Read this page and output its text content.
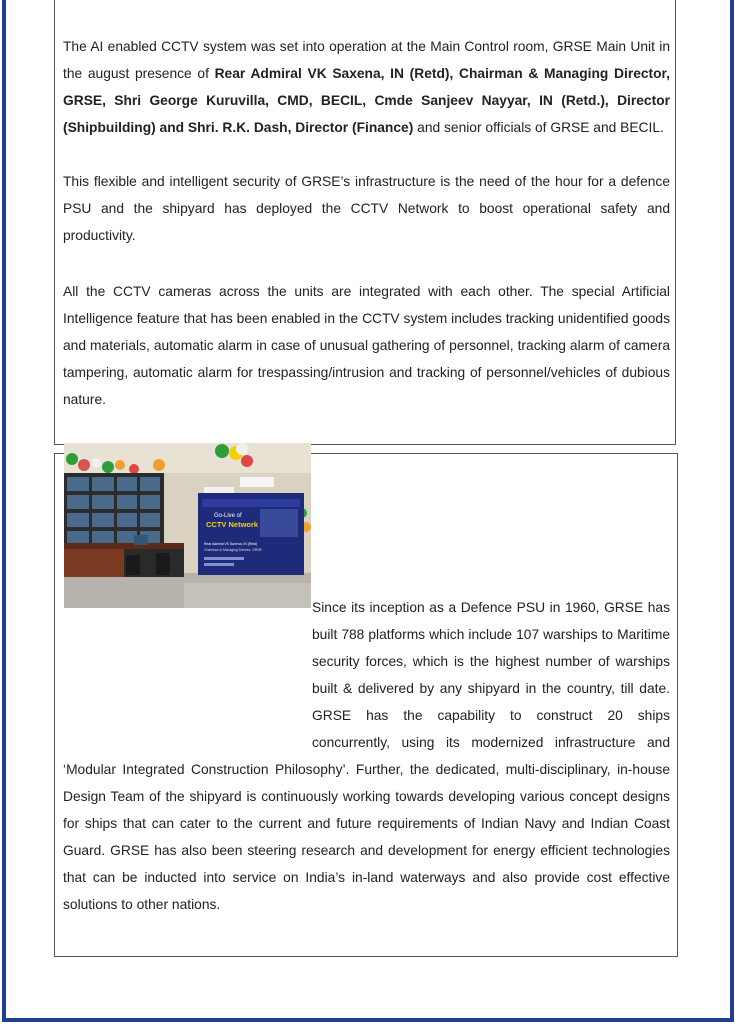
The AI enabled CCTV system was set into operation at the Main Control room, GRSE Main Unit in the august presence of Rear Admiral VK Saxena, IN (Retd), Chairman & Managing Director, GRSE, Shri George Kuruvilla, CMD, BECIL, Cmde Sanjeev Nayyar, IN (Retd.), Director (Shipbuilding) and Shri. R.K. Dash, Director (Finance) and senior officials of GRSE and BECIL.
This flexible and intelligent security of GRSE’s infrastructure is the need of the hour for a defence PSU and the shipyard has deployed the CCTV Network to boost operational safety and productivity.
All the CCTV cameras across the units are integrated with each other. The special Artificial Intelligence feature that has been enabled in the CCTV system includes tracking unidentified goods and materials, automatic alarm in case of unusual gathering of personnel, tracking alarm of camera tampering, automatic alarm for trespassing/intrusion and tracking of personnel/vehicles of dubious nature.
Go-Live of
CCTV Network
Rear Admiral VK Saxena, IN (Retd)
Chairman & Managing Director, GRSE
Since its inception as a Defence PSU in 1960, GRSE has built 788 platforms which include 107 warships to Maritime security forces, which is the highest number of warships built & delivered by any shipyard in the country, till date. GRSE has the capability to construct 20 ships concurrently, using its modernized infrastructure and ‘Modular Integrated Construction Philosophy’. Further, the dedicated, multi-disciplinary, in-house Design Team of the shipyard is continuously working towards developing various concept designs for ships that can cater to the current and future requirements of Indian Navy and Indian Coast Guard. GRSE has also been steering research and development for energy efficient technologies that can be inducted into service on India’s in-land waterways and also provide cost effective solutions to other nations.
